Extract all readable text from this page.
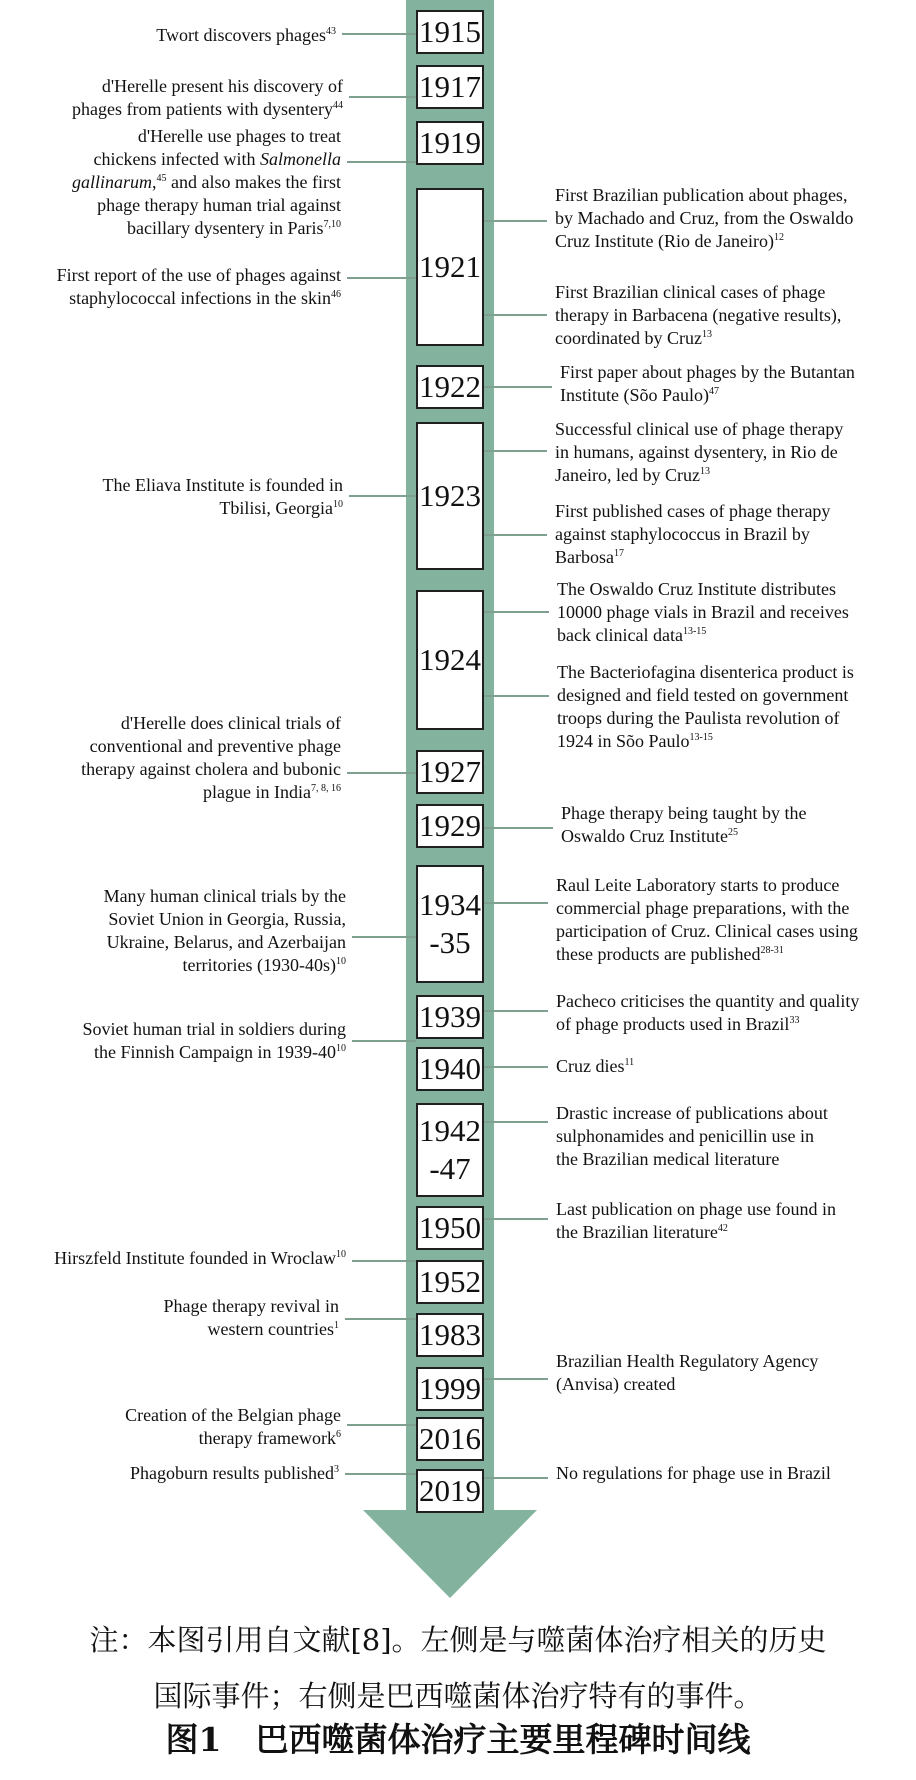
1915
1917
1919
1921
1922
1923
1924
1927
1929
1934
-35
1939
1940
1942
-47
1950
1952
1983
1999
2016
2019
Twort discovers phages$^{43}$
d'Herelle present his discovery of
phages from patients with dysentery$^{44}$
d'Herelle use phages to treat
chickens infected with Salmonella
gallinarum,$^{45}$ and also makes the first
phage therapy human trial against
bacillary dysentery in Paris$^{7,10}$
First report of the use of phages against
staphylococcal infections in the skin$^{46}$
The Eliava Institute is founded in
Tbilisi, Georgia$^{10}$
d'Herelle does clinical trials of
conventional and preventive phage
therapy against cholera and bubonic
plague in India$^{7, 8, 16}$
Many human clinical trials by the
Soviet Union in Georgia, Russia,
Ukraine, Belarus, and Azerbaijan
territories $(1930-40s)^{10}$
Soviet human trial in soldiers during
the Finnish Campaign in $1939-40^{10}$
Hirszfeld Institute founded in Wroclaw$^{10}$
Phage therapy revival in
western countries$^1$
Creation of the Belgian phage
therapy framework$^6$
Phagoburn results published$^3$
First Brazilian publication about phages,
by Machado and Cruz, from the Oswaldo
Cruz Institute (Rio de Janeiro)$^{12}$
First Brazilian clinical cases of phage
therapy in Barbacena (negative results),
coordinated by Cruz$^{13}$
First paper about phages by the Butantan
Institute (Sõo Paulo)$^{47}$
Successful clinical use of phage therapy
in humans, against dysentery, in Rio de
Janeiro, led by Cruz$^{13}$
First published cases of phage therapy
against staphylococcus in Brazil by
Barbosa$^{17}$
The Oswaldo Cruz Institute distributes
10000 phage vials in Brazil and receives
back clinical data$^{13-15}$
The Bacteriofagina disenterica product is
designed and field tested on government
troops during the Paulista revolution of
1924 in Sõo Paulo$^{13-15}$
Phage therapy being taught by the
Oswaldo Cruz Institute$^{25}$
Raul Leite Laboratory starts to produce
commercial phage preparations, with the
participation of Cruz. Clinical cases using
these products are published$^{28-31}$
Pacheco criticises the quantity and quality
of phage products used in Brazil$^{33}$
Cruz dies$^{11}$
Drastic increase of publications about
sulphonamides and penicillin use in
the Brazilian medical literature
Last publication on phage use found in
the Brazilian literature$^{42}$
Brazilian Health Regulatory Agency
(Anvisa) created
No regulations for phage use in Brazil
注：本图引用自文献[8]。左侧是与噬菌体治疗相关的历史
国际事件；右侧是巴西噬菌体治疗特有的事件。
图1 巴西噬菌体治疗主要里程碑时间线
